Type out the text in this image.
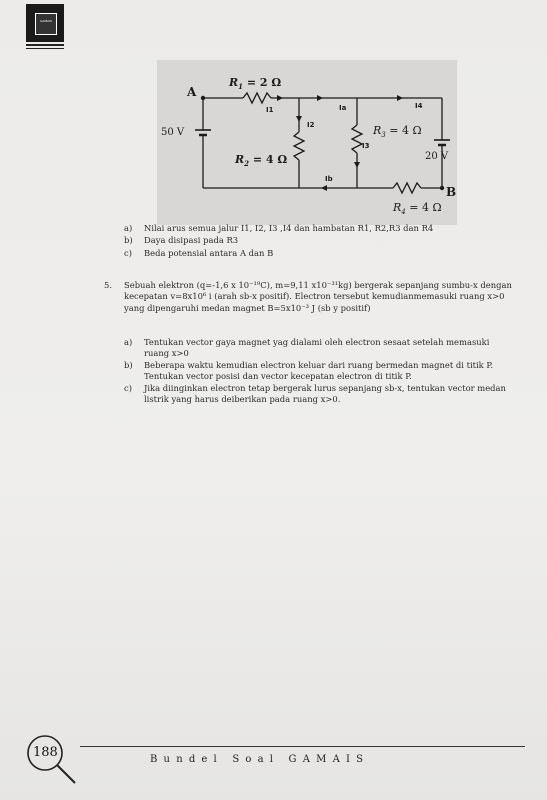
GAMAIS
A
B
$R_1 = 2$ Ω
$R_2 = 4$ Ω
$R_3 = 4$ Ω
$R_4 = 4$ Ω
50 V
20 V
I1
I2
I3
I4
Ia
Ib
a) Nilai arus semua jalur I1, I2, I3 ,I4 dan hambatan R1, R2,R3 dan R4
b) Daya disipasi pada R3
c) Beda potensial antara A dan B
5. Sebuah elektron (q=-1,6 x 10⁻¹⁹C), m=9,11 x10⁻³¹kg) bergerak sepanjang sumbu-x dengan kecepatan v=8x10⁶ i (arah sb-x positif). Electron tersebut kemudianmemasuki ruang x>0 yang dipengaruhi medan magnet B=5x10⁻³ J (sb y positif)

a) Tentukan vector gaya magnet yag dialami oleh electron sesaat setelah memasuki ruang x>0

b) Beberapa waktu kemudian electron keluar dari ruang bermedan magnet di titik P. Tentukan vector posisi dan vector kecepatan electron di titik P.

c) Jika diinginkan electron tetap bergerak lurus sepanjang sb-x, tentukan vector medan listrik yang harus deiberikan pada ruang x>0.

188	Bundel Soal GAMAIS
